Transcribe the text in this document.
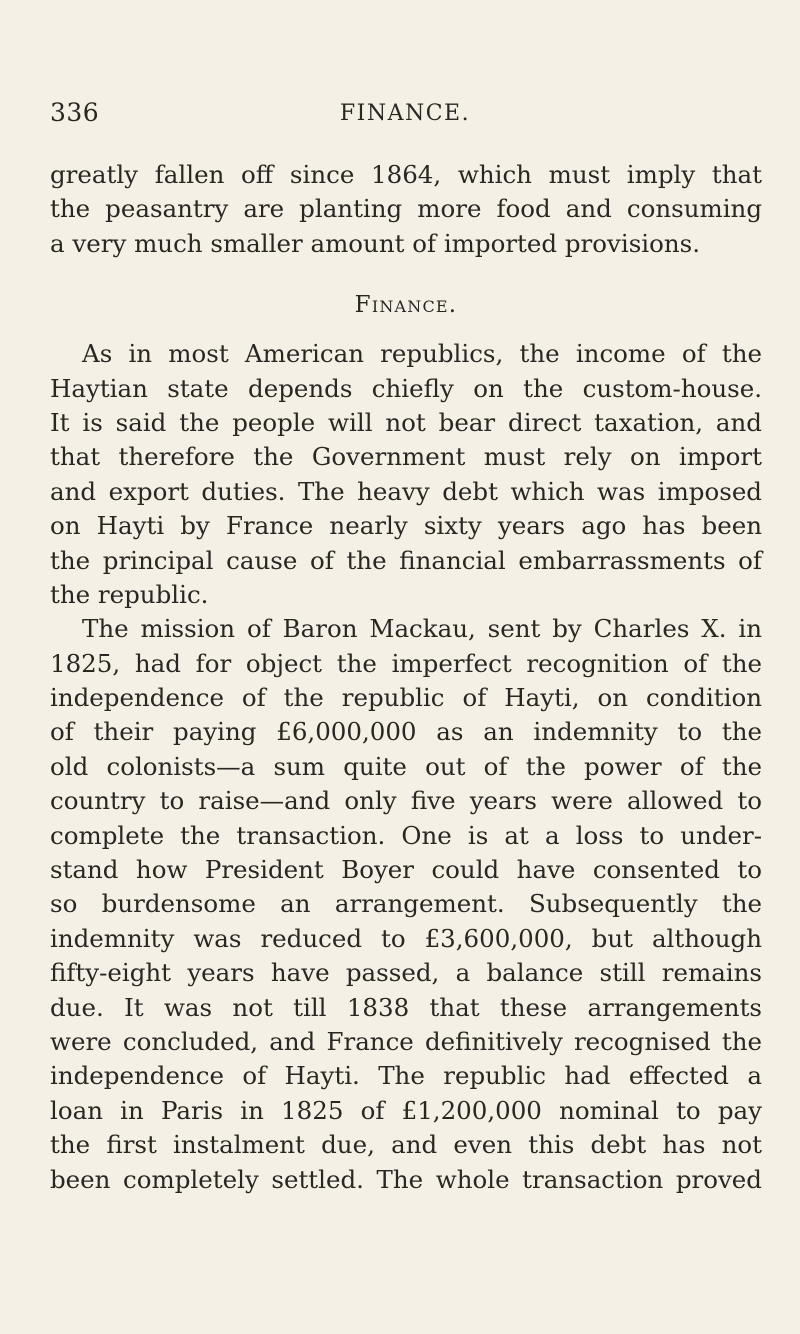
336	FINANCE.
greatly fallen off since 1864, which must imply that
the peasantry are planting more food and consuming
a very much smaller amount of imported provisions.
Finance.
As in most American republics, the income of the
Haytian state depends chiefly on the custom-house.
It is said the people will not bear direct taxation, and
that therefore the Government must rely on import
and export duties. The heavy debt which was imposed
on Hayti by France nearly sixty years ago has been
the principal cause of the financial embarrassments of
the republic.
The mission of Baron Mackau, sent by Charles X. in
1825, had for object the imperfect recognition of the
independence of the republic of Hayti, on condition
of their paying £6,000,000 as an indemnity to the
old colonists—a sum quite out of the power of the
country to raise—and only five years were allowed to
complete the transaction. One is at a loss to under-
stand how President Boyer could have consented to
so burdensome an arrangement. Subsequently the
indemnity was reduced to £3,600,000, but although
fifty-eight years have passed, a balance still remains
due. It was not till 1838 that these arrangements
were concluded, and France definitively recognised the
independence of Hayti. The republic had effected a
loan in Paris in 1825 of £1,200,000 nominal to pay
the first instalment due, and even this debt has not
been completely settled. The whole transaction proved
